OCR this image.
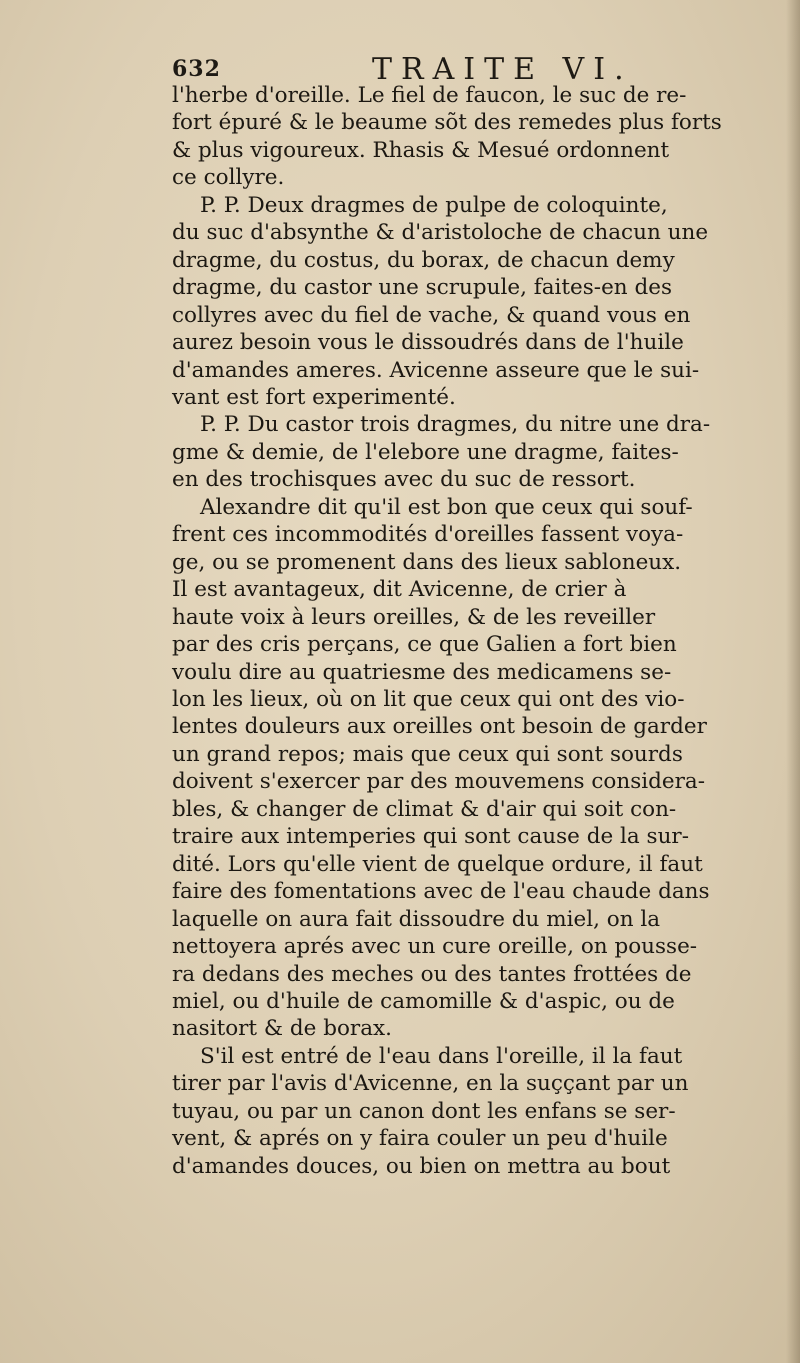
632	TRAITE VI.
l'herbe d'oreille. Le fiel de faucon, le suc de re-
fort épuré & le beaume sõt des remedes plus forts
& plus vigoureux. Rhasis & Mesué ordonnent
ce collyre.
P. P. Deux dragmes de pulpe de coloquinte,
du suc d'absynthe & d'aristoloche de chacun une
dragme, du costus, du borax, de chacun demy
dragme, du castor une scrupule, faites-en des
collyres avec du fiel de vache, & quand vous en
aurez besoin vous le dissoudrés dans de l'huile
d'amandes ameres. Avicenne asseure que le sui-
vant est fort experimenté.
P. P. Du castor trois dragmes, du nitre une dra-
gme & demie, de l'elebore une dragme, faites-
en des trochisques avec du suc de ressort.
Alexandre dit qu'il est bon que ceux qui souf-
frent ces incommodités d'oreilles fassent voya-
ge, ou se promenent dans des lieux sabloneux.
Il est avantageux, dit Avicenne, de crier à
haute voix à leurs oreilles, & de les reveiller
par des cris perçans, ce que Galien a fort bien
voulu dire au quatriesme des medicamens se-
lon les lieux, où on lit que ceux qui ont des vio-
lentes douleurs aux oreilles ont besoin de garder
un grand repos; mais que ceux qui sont sourds
doivent s'exercer par des mouvemens considera-
bles, & changer de climat & d'air qui soit con-
traire aux intemperies qui sont cause de la sur-
dité. Lors qu'elle vient de quelque ordure, il faut
faire des fomentations avec de l'eau chaude dans
laquelle on aura fait dissoudre du miel, on la
nettoyera aprés avec un cure oreille, on pousse-
ra dedans des meches ou des tantes frottées de
miel, ou d'huile de camomille & d'aspic, ou de
nasitort & de borax.
S'il est entré de l'eau dans l'oreille, il la faut
tirer par l'avis d'Avicenne, en la suççant par un
tuyau, ou par un canon dont les enfans se ser-
vent, & aprés on y faira couler un peu d'huile
d'amandes douces, ou bien on mettra au bout
